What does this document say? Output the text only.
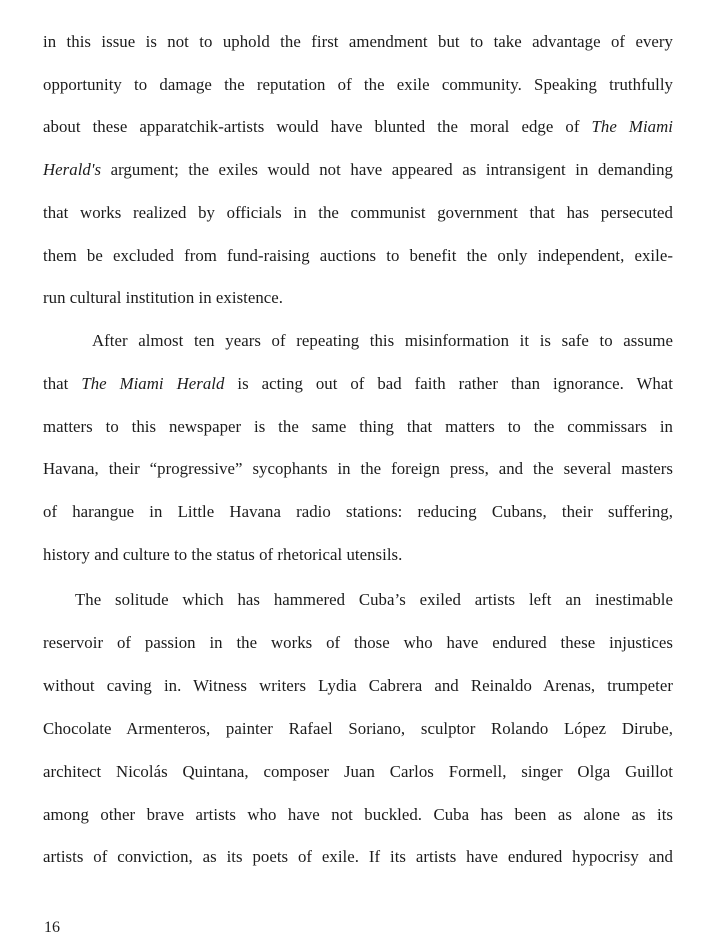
in this issue is not to uphold the first amendment but to take advantage of every
opportunity to damage the reputation of the exile community. Speaking truthfully
about these apparatchik-artists would have blunted the moral edge of The Miami
Herald's argument; the exiles would not have appeared as intransigent in demanding
that works realized by officials in the communist government that has persecuted
them be excluded from fund-raising auctions to benefit the only independent, exile-
run cultural institution in existence.
After almost ten years of repeating this misinformation it is safe to assume
that The Miami Herald is acting out of bad faith rather than ignorance. What
matters to this newspaper is the same thing that matters to the commissars in
Havana, their “progressive” sycophants in the foreign press, and the several masters
of harangue in Little Havana radio stations: reducing Cubans, their suffering,
history and culture to the status of rhetorical utensils.
The solitude which has hammered Cuba’s exiled artists left an inestimable
reservoir of passion in the works of those who have endured these injustices
without caving in. Witness writers Lydia Cabrera and Reinaldo Arenas, trumpeter
Chocolate Armenteros, painter Rafael Soriano, sculptor Rolando López Dirube,
architect Nicolás Quintana, composer Juan Carlos Formell, singer Olga Guillot
among other brave artists who have not buckled. Cuba has been as alone as its
artists of conviction, as its poets of exile. If its artists have endured hypocrisy and
16
